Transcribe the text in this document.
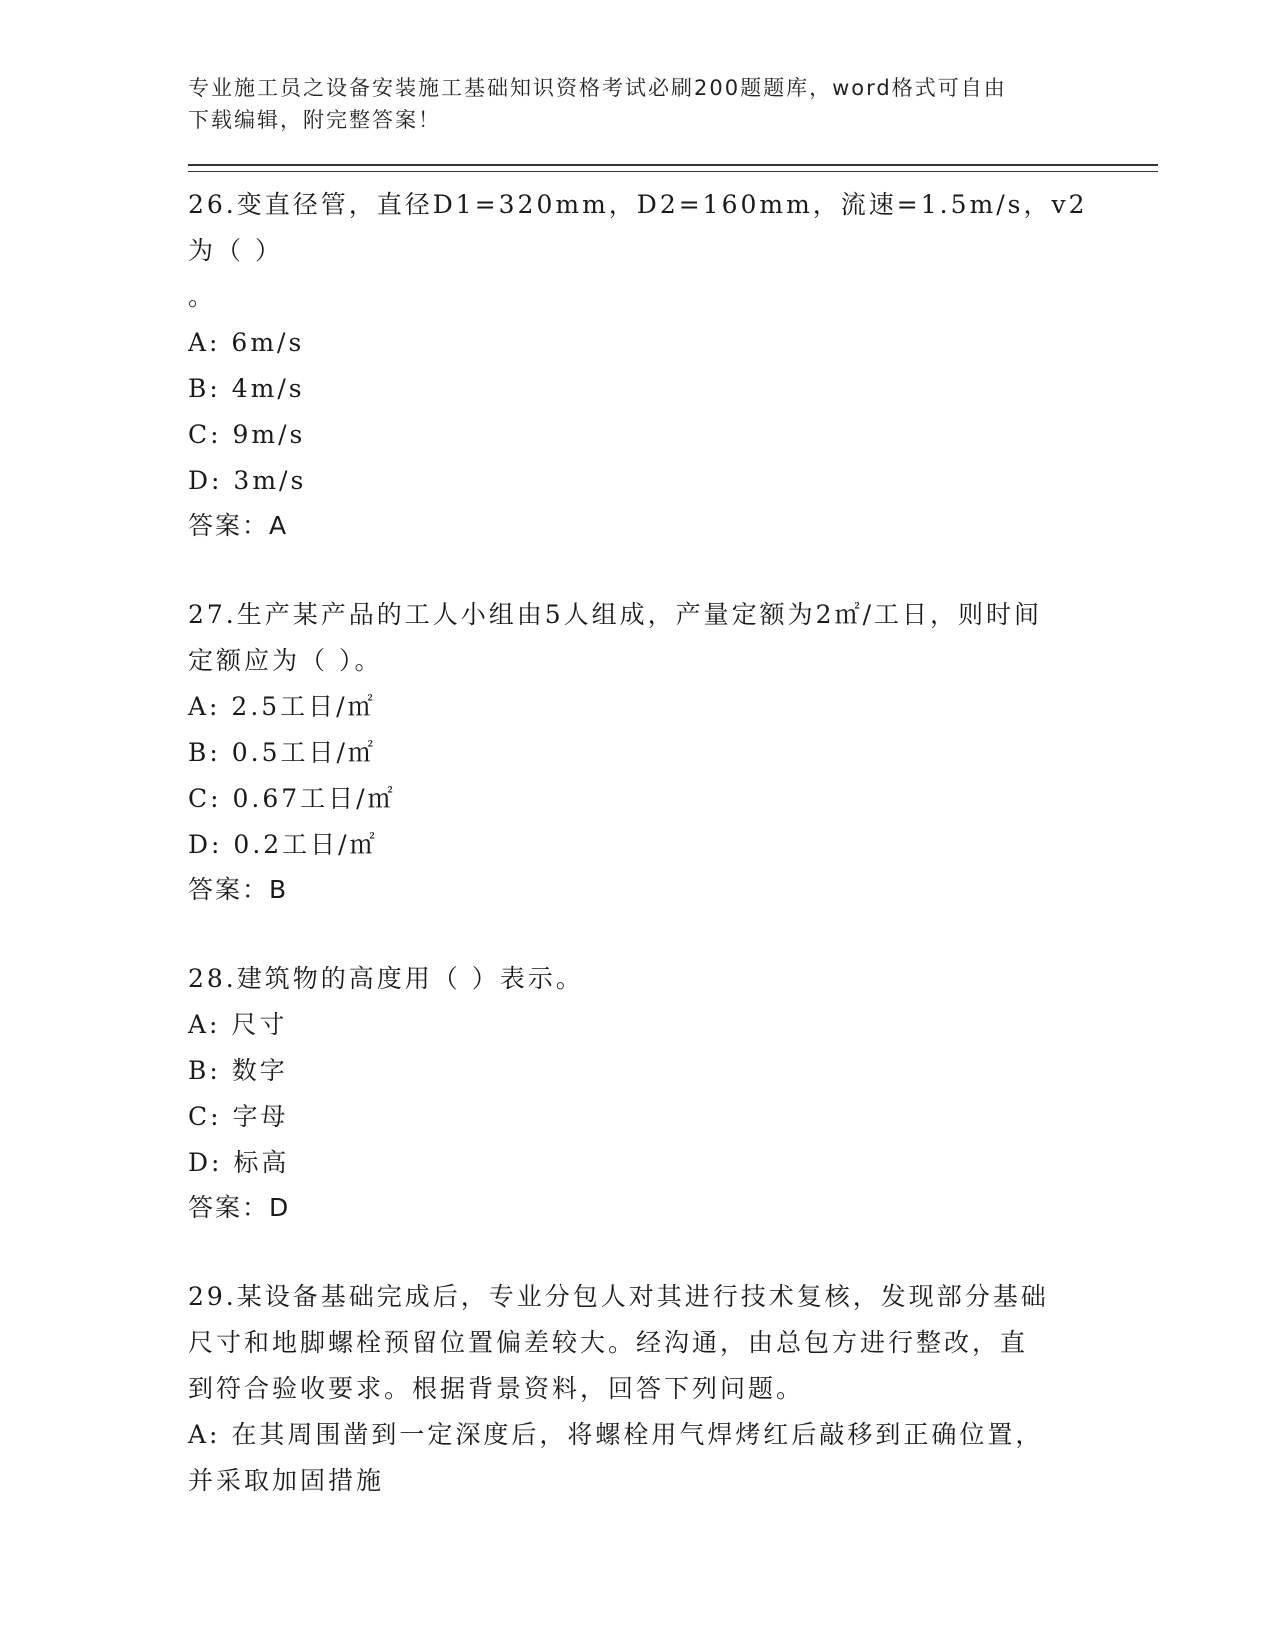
专业施工员之设备安装施工基础知识资格考试必刷200题题库，word格式可自由
下载编辑，附完整答案！
26.变直径管，直径D1=320mm，D2=160mm，流速=1.5m/s，v2为（ ）
。
A: 6m/s
B: 4m/s
C: 9m/s
D: 3m/s
答案：A
27.生产某产品的工人小组由5人组成，产量定额为2㎡/工日，则时间
定额应为（ ）。
A: 2.5工日/㎡
B: 0.5工日/㎡
C: 0.67工日/㎡
D: 0.2工日/㎡
答案：B
28.建筑物的高度用（ ）表示。
A: 尺寸
B: 数字
C: 字母
D: 标高
答案：D
29.某设备基础完成后，专业分包人对其进行技术复核，发现部分基础
尺寸和地脚螺栓预留位置偏差较大。经沟通，由总包方进行整改，直
到符合验收要求。根据背景资料，回答下列问题。
A: 在其周围凿到一定深度后，将螺栓用气焊烤红后敲移到正确位置，
并采取加固措施
